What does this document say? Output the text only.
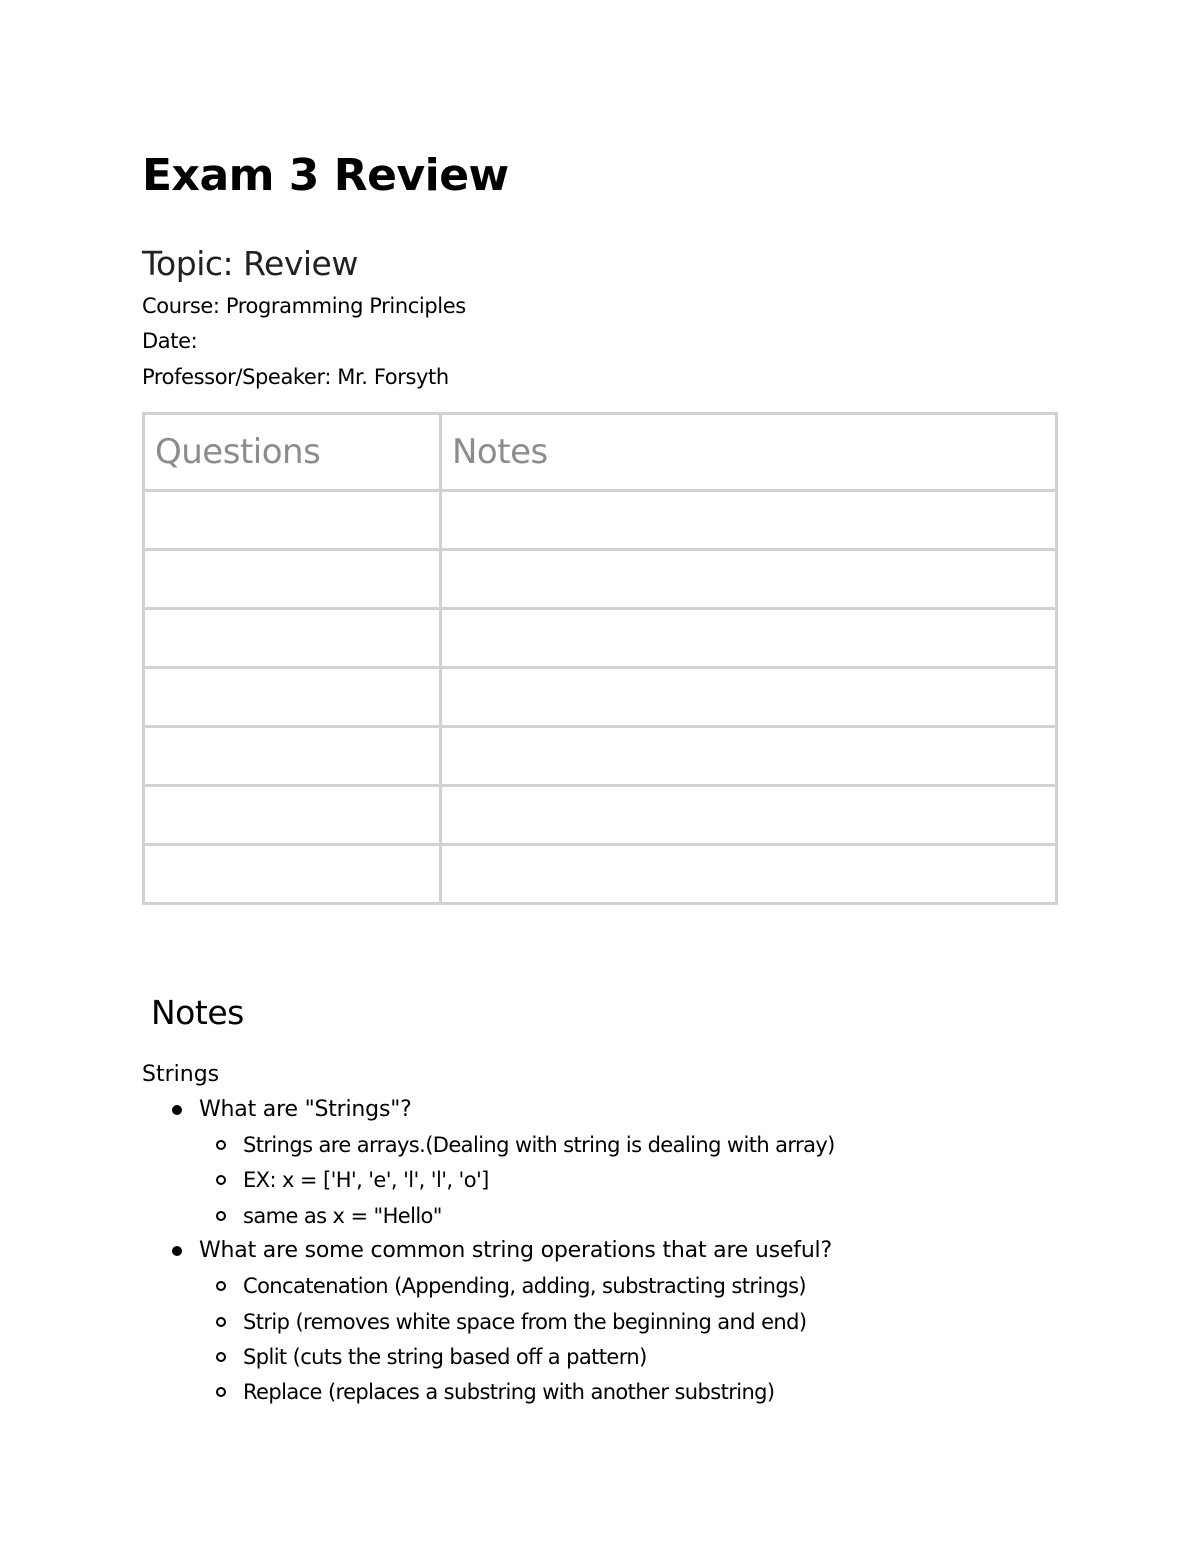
Exam 3 Review
Topic: Review
Course: Programming Principles
Date:
Professor/Speaker: Mr. Forsyth
Questions	Notes

Notes
Strings
What are "Strings"?
Strings are arrays.(Dealing with string is dealing with array)
EX: x = ['H', 'e', 'l', 'l', 'o']
same as x = "Hello"
What are some common string operations that are useful?
Concatenation (Appending, adding, substracting strings)
Strip (removes white space from the beginning and end)
Split (cuts the string based off a pattern)
Replace (replaces a substring with another substring)
